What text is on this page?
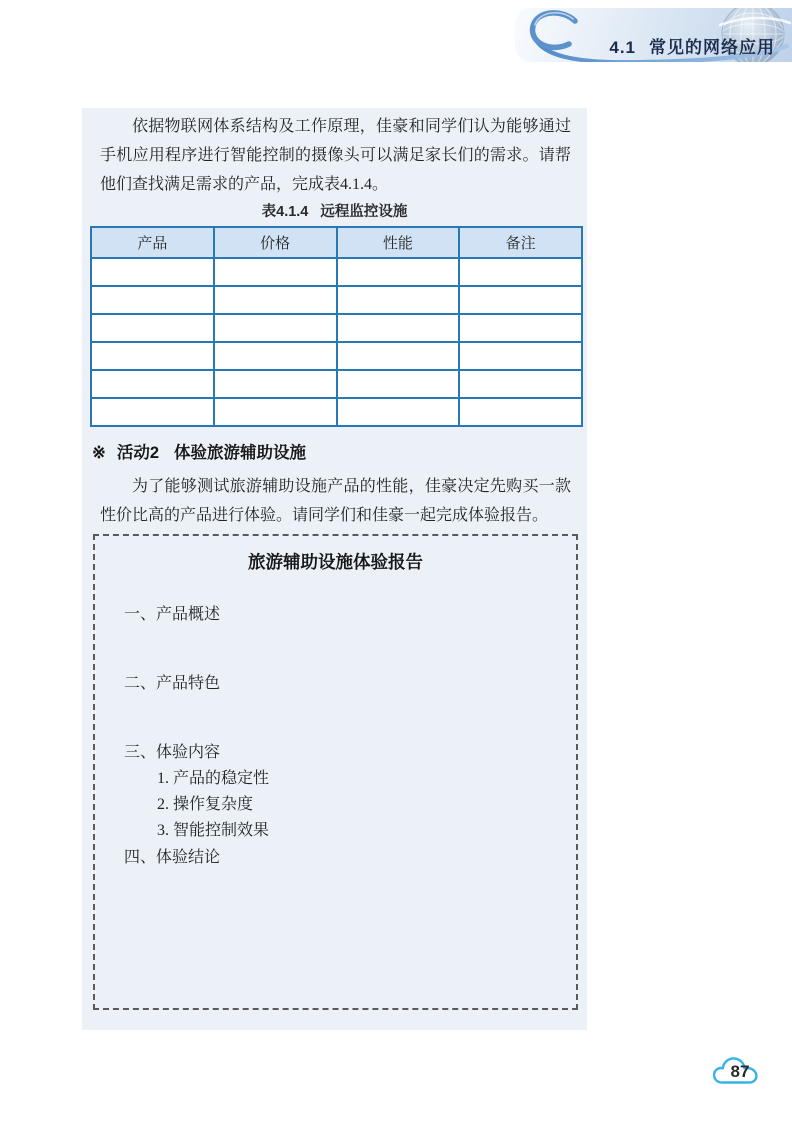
4.1 常见的网络应用

依据物联网体系结构及工作原理，佳豪和同学们认为能够通过手机应用程序进行智能控制的摄像头可以满足家长们的需求。请帮他们查找满足需求的产品，完成表4.1.4。

表4.1.4 远程监控设施
产品	价格	性能	备注

※ 活动2 体验旅游辅助设施

为了能够测试旅游辅助设施产品的性能，佳豪决定先购买一款性价比高的产品进行体验。请同学们和佳豪一起完成体验报告。

旅游辅助设施体验报告
一、产品概述
二、产品特色
三、体验内容
1. 产品的稳定性
2. 操作复杂度
3. 智能控制效果
四、体验结论
87
